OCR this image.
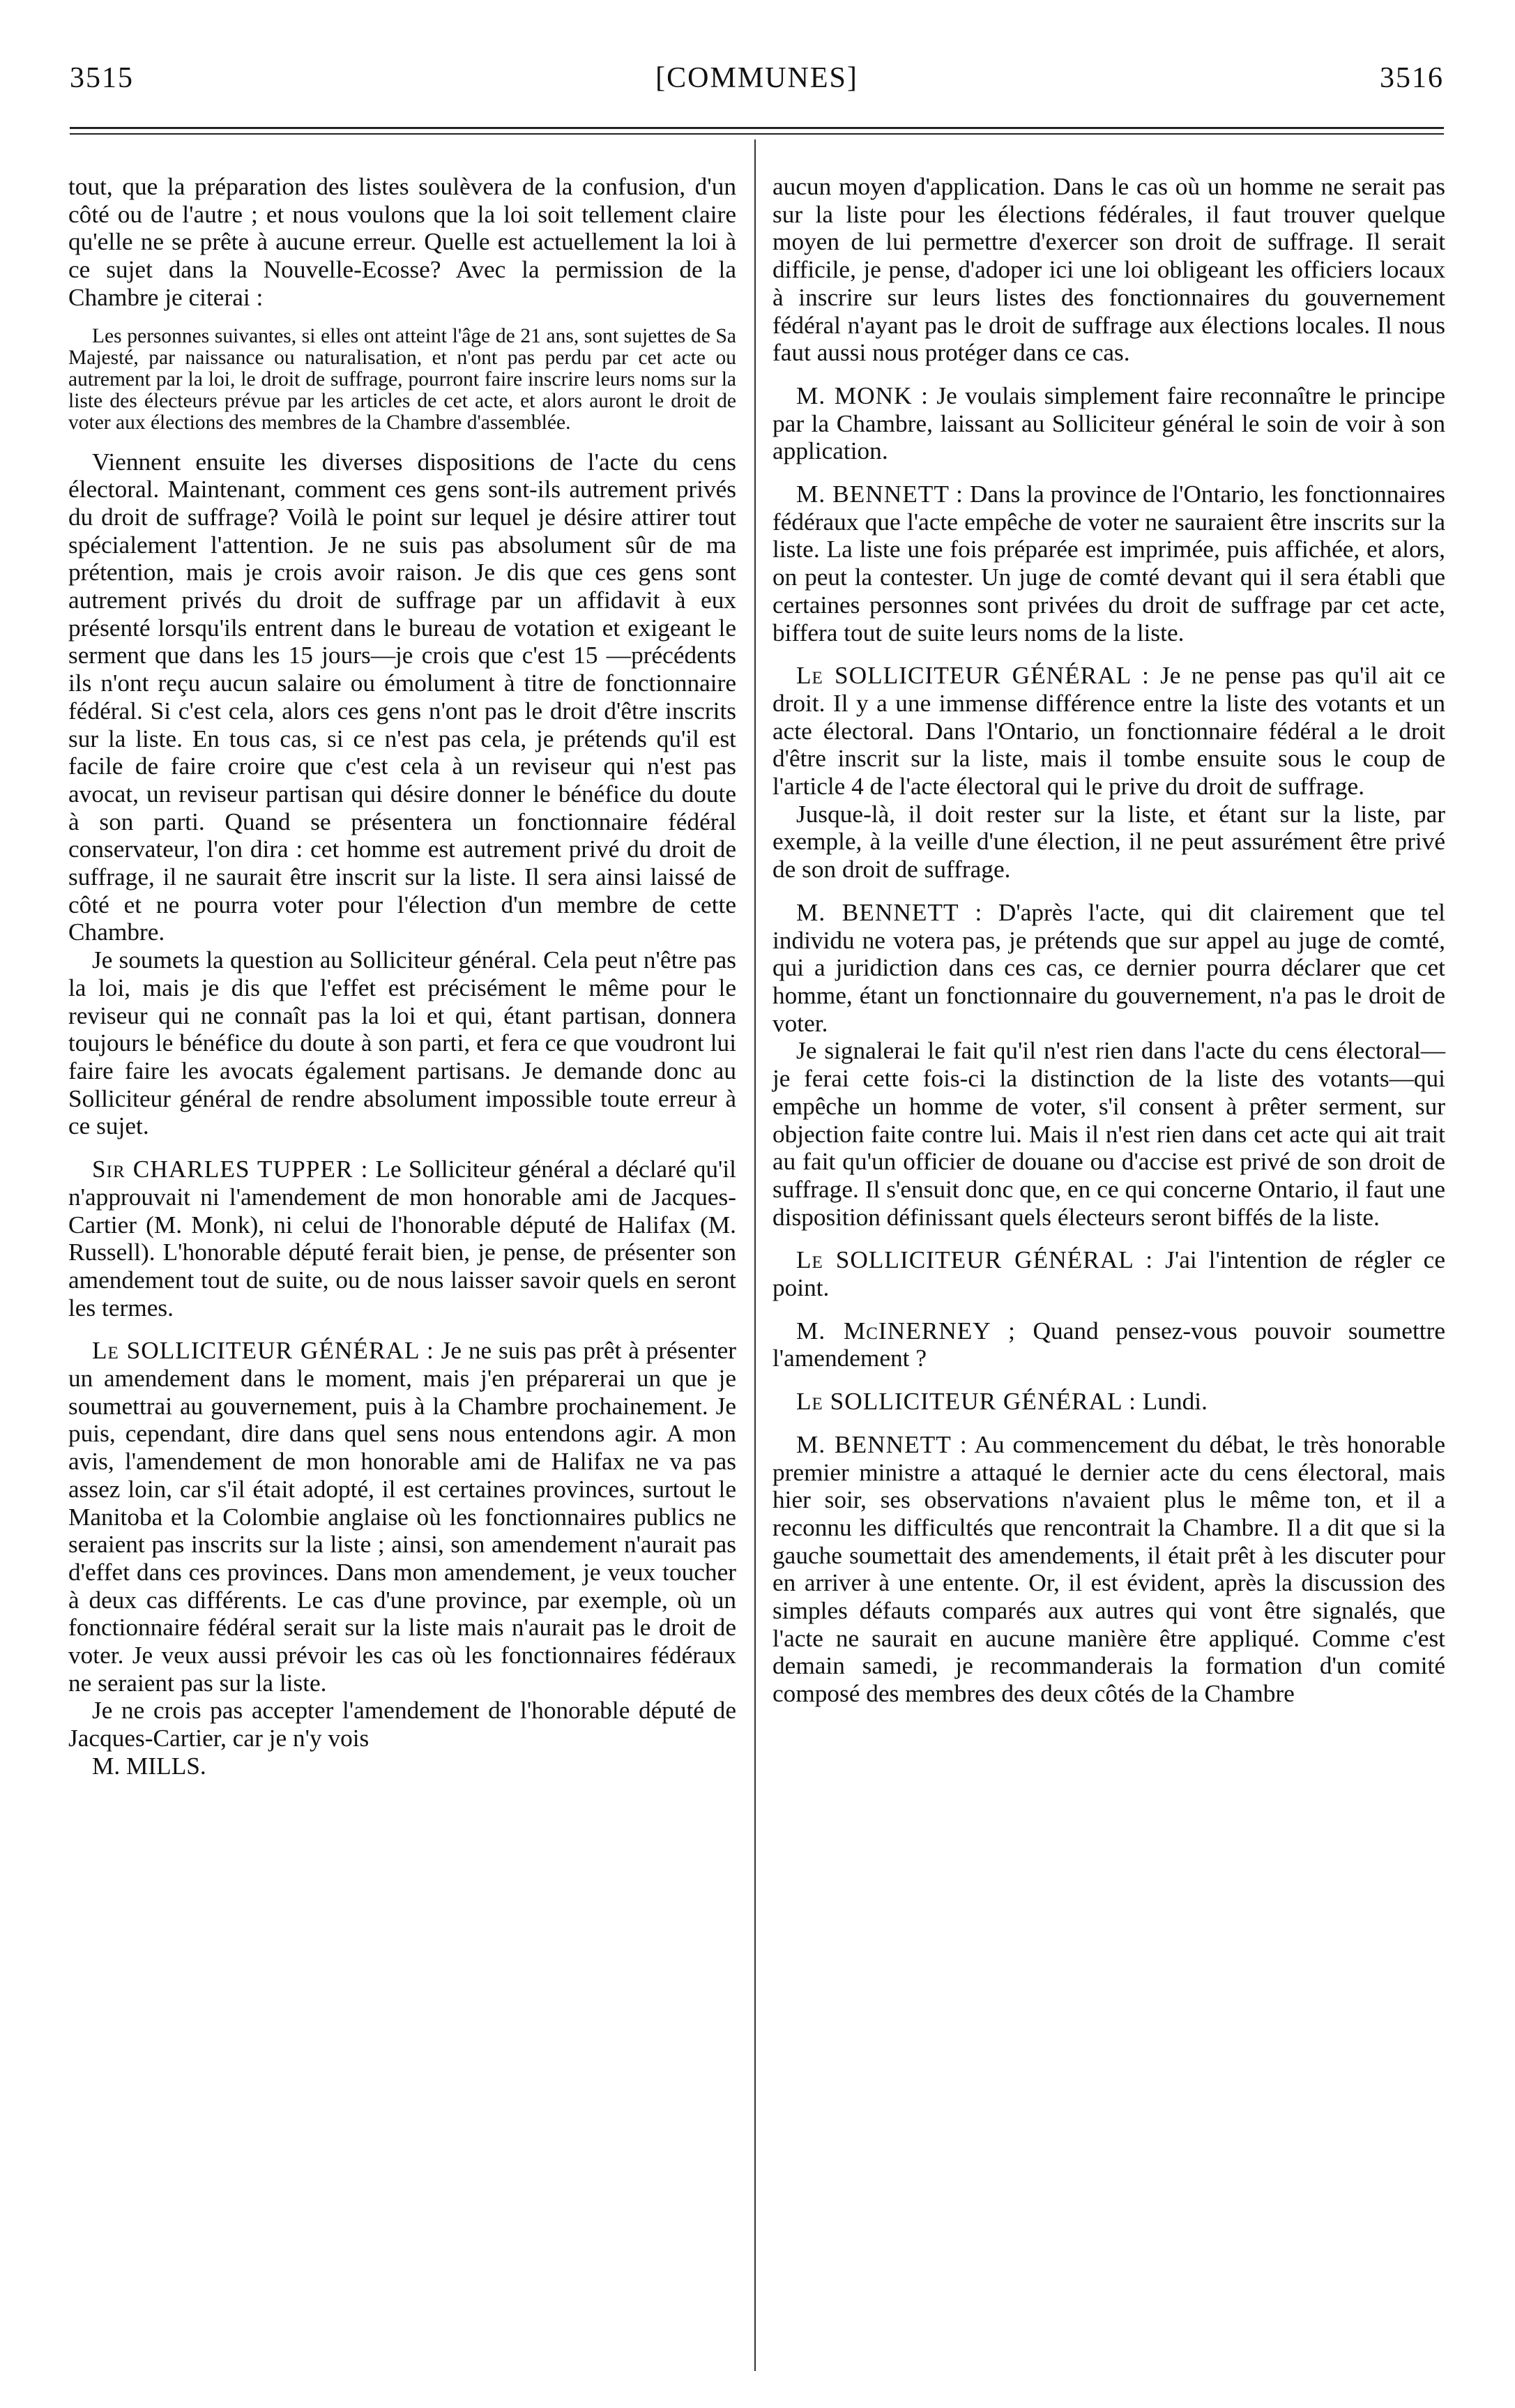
3515	[COMMUNES]	3516

tout, que la préparation des listes soulèvera de la confusion, d'un côté ou de l'autre ; et nous voulons que la loi soit tellement claire qu'elle ne se prête à aucune erreur. Quelle est actuellement la loi à ce sujet dans la Nouvelle-Ecosse? Avec la permission de la Chambre je citerai :

Les personnes suivantes, si elles ont atteint l'âge de 21 ans, sont sujettes de Sa Majesté, par naissance ou naturalisation, et n'ont pas perdu par cet acte ou autrement par la loi, le droit de suffrage, pourront faire inscrire leurs noms sur la liste des électeurs prévue par les articles de cet acte, et alors auront le droit de voter aux élections des membres de la Chambre d'assemblée.

Viennent ensuite les diverses dispositions de l'acte du cens électoral. Maintenant, comment ces gens sont-ils autrement privés du droit de suffrage? Voilà le point sur lequel je désire attirer tout spécialement l'attention. Je ne suis pas absolument sûr de ma prétention, mais je crois avoir raison. Je dis que ces gens sont autrement privés du droit de suffrage par un affidavit à eux présenté lorsqu'ils entrent dans le bureau de votation et exigeant le serment que dans les 15 jours—je crois que c'est 15 —précédents ils n'ont reçu aucun salaire ou émolument à titre de fonctionnaire fédéral. Si c'est cela, alors ces gens n'ont pas le droit d'être inscrits sur la liste. En tous cas, si ce n'est pas cela, je prétends qu'il est facile de faire croire que c'est cela à un reviseur qui n'est pas avocat, un reviseur partisan qui désire donner le bénéfice du doute à son parti. Quand se présentera un fonctionnaire fédéral conservateur, l'on dira : cet homme est autrement privé du droit de suffrage, il ne saurait être inscrit sur la liste. Il sera ainsi laissé de côté et ne pourra voter pour l'élection d'un membre de cette Chambre.

Je soumets la question au Solliciteur général. Cela peut n'être pas la loi, mais je dis que l'effet est précisément le même pour le reviseur qui ne connaît pas la loi et qui, étant partisan, donnera toujours le bénéfice du doute à son parti, et fera ce que voudront lui faire faire les avocats également partisans. Je demande donc au Solliciteur général de rendre absolument impossible toute erreur à ce sujet.

Sir CHARLES TUPPER : Le Solliciteur général a déclaré qu'il n'approuvait ni l'amendement de mon honorable ami de Jacques-Cartier (M. Monk), ni celui de l'honorable député de Halifax (M. Russell). L'honorable député ferait bien, je pense, de présenter son amendement tout de suite, ou de nous laisser savoir quels en seront les termes.

Le SOLLICITEUR GÉNÉRAL : Je ne suis pas prêt à présenter un amendement dans le moment, mais j'en préparerai un que je soumettrai au gouvernement, puis à la Chambre prochainement. Je puis, cependant, dire dans quel sens nous entendons agir. A mon avis, l'amendement de mon honorable ami de Halifax ne va pas assez loin, car s'il était adopté, il est certaines provinces, surtout le Manitoba et la Colombie anglaise où les fonctionnaires publics ne seraient pas inscrits sur la liste ; ainsi, son amendement n'aurait pas d'effet dans ces provinces. Dans mon amendement, je veux toucher à deux cas différents. Le cas d'une province, par exemple, où un fonctionnaire fédéral serait sur la liste mais n'aurait pas le droit de voter. Je veux aussi prévoir les cas où les fonctionnaires fédéraux ne seraient pas sur la liste.

Je ne crois pas accepter l'amendement de l'honorable député de Jacques-Cartier, car je n'y vois

M. MILLS.

aucun moyen d'application. Dans le cas où un homme ne serait pas sur la liste pour les élections fédérales, il faut trouver quelque moyen de lui permettre d'exercer son droit de suffrage. Il serait difficile, je pense, d'adoper ici une loi obligeant les officiers locaux à inscrire sur leurs listes des fonctionnaires du gouvernement fédéral n'ayant pas le droit de suffrage aux élections locales. Il nous faut aussi nous protéger dans ce cas.

M. MONK : Je voulais simplement faire reconnaître le principe par la Chambre, laissant au Solliciteur général le soin de voir à son application.

M. BENNETT : Dans la province de l'Ontario, les fonctionnaires fédéraux que l'acte empêche de voter ne sauraient être inscrits sur la liste. La liste une fois préparée est imprimée, puis affichée, et alors, on peut la contester. Un juge de comté devant qui il sera établi que certaines personnes sont privées du droit de suffrage par cet acte, biffera tout de suite leurs noms de la liste.

Le SOLLICITEUR GÉNÉRAL : Je ne pense pas qu'il ait ce droit. Il y a une immense différence entre la liste des votants et un acte électoral. Dans l'Ontario, un fonctionnaire fédéral a le droit d'être inscrit sur la liste, mais il tombe ensuite sous le coup de l'article 4 de l'acte électoral qui le prive du droit de suffrage.

Jusque-là, il doit rester sur la liste, et étant sur la liste, par exemple, à la veille d'une élection, il ne peut assurément être privé de son droit de suffrage.

M. BENNETT : D'après l'acte, qui dit clairement que tel individu ne votera pas, je prétends que sur appel au juge de comté, qui a juridiction dans ces cas, ce dernier pourra déclarer que cet homme, étant un fonctionnaire du gouvernement, n'a pas le droit de voter.

Je signalerai le fait qu'il n'est rien dans l'acte du cens électoral—je ferai cette fois-ci la distinction de la liste des votants—qui empêche un homme de voter, s'il consent à prêter serment, sur objection faite contre lui. Mais il n'est rien dans cet acte qui ait trait au fait qu'un officier de douane ou d'accise est privé de son droit de suffrage. Il s'ensuit donc que, en ce qui concerne Ontario, il faut une disposition définissant quels électeurs seront biffés de la liste.

Le SOLLICITEUR GÉNÉRAL : J'ai l'intention de régler ce point.

M. McINERNEY ; Quand pensez-vous pouvoir soumettre l'amendement ?

Le SOLLICITEUR GÉNÉRAL : Lundi.

M. BENNETT : Au commencement du débat, le très honorable premier ministre a attaqué le dernier acte du cens électoral, mais hier soir, ses observations n'avaient plus le même ton, et il a reconnu les difficultés que rencontrait la Chambre. Il a dit que si la gauche soumettait des amendements, il était prêt à les discuter pour en arriver à une entente. Or, il est évident, après la discussion des simples défauts comparés aux autres qui vont être signalés, que l'acte ne saurait en aucune manière être appliqué. Comme c'est demain samedi, je recommanderais la formation d'un comité composé des membres des deux côtés de la Chambre
